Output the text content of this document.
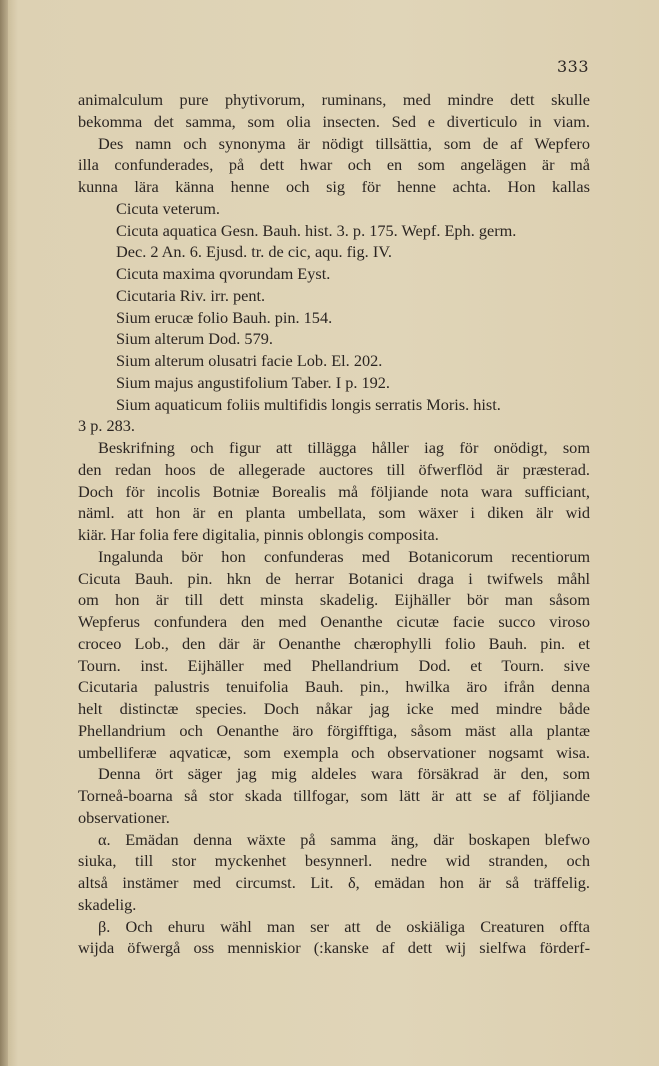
333
animalculum pure phytivorum, ruminans, med mindre dett skulle
bekomma det samma, som olia insecten. Sed e diverticulo in viam.
Des namn och synonyma är nödigt tillsättia, som de af Wepfero
illa confunderades, på dett hwar och en som angelägen är må
kunna lära känna henne och sig för henne achta. Hon kallas
Cicuta veterum.
Cicuta aquatica Gesn. Bauh. hist. 3. p. 175. Wepf. Eph. germ.
Dec. 2 An. 6. Ejusd. tr. de cic, aqu. fig. IV.
Cicuta maxima qvorundam Eyst.
Cicutaria Riv. irr. pent.
Sium erucæ folio Bauh. pin. 154.
Sium alterum Dod. 579.
Sium alterum olusatri facie Lob. El. 202.
Sium majus angustifolium Taber. I p. 192.
Sium aquaticum foliis multifidis longis serratis Moris. hist.
3 p. 283.
Beskrifning och figur att tillägga håller iag för onödigt, som
den redan hoos de allegerade auctores till öfwerflöd är præsterad.
Doch för incolis Botniæ Borealis må följiande nota wara sufficiant,
näml. att hon är en planta umbellata, som wäxer i diken älr wid
kiär. Har folia fere digitalia, pinnis oblongis composita.
Ingalunda bör hon confunderas med Botanicorum recentiorum
Cicuta Bauh. pin. hkn de herrar Botanici draga i twifwels måhl
om hon är till dett minsta skadelig. Eijhäller bör man såsom
Wepferus confundera den med Oenanthe cicutæ facie succo viroso
croceo Lob., den där är Oenanthe chærophylli folio Bauh. pin. et
Tourn. inst. Eijhäller med Phellandrium Dod. et Tourn. sive
Cicutaria palustris tenuifolia Bauh. pin., hwilka äro ifrån denna
helt distinctæ species. Doch nåkar jag icke med mindre både
Phellandrium och Oenanthe äro förgifftiga, såsom mäst alla plantæ
umbelliferæ aqvaticæ, som exempla och observationer nogsamt wisa.
Denna ört säger jag mig aldeles wara försäkrad är den, som
Torneå-boarna så stor skada tillfogar, som lätt är att se af följiande
observationer.
α. Emädan denna wäxte på samma äng, där boskapen blefwo
siuka, till stor myckenhet besynnerl. nedre wid stranden, och
altså instämer med circumst. Lit. δ, emädan hon är så träffelig.
skadelig.
β. Och ehuru wähl man ser att de oskiäliga Creaturen offta
wijda öfwergå oss menniskior (:kanske af dett wij sielfwa förderf-
